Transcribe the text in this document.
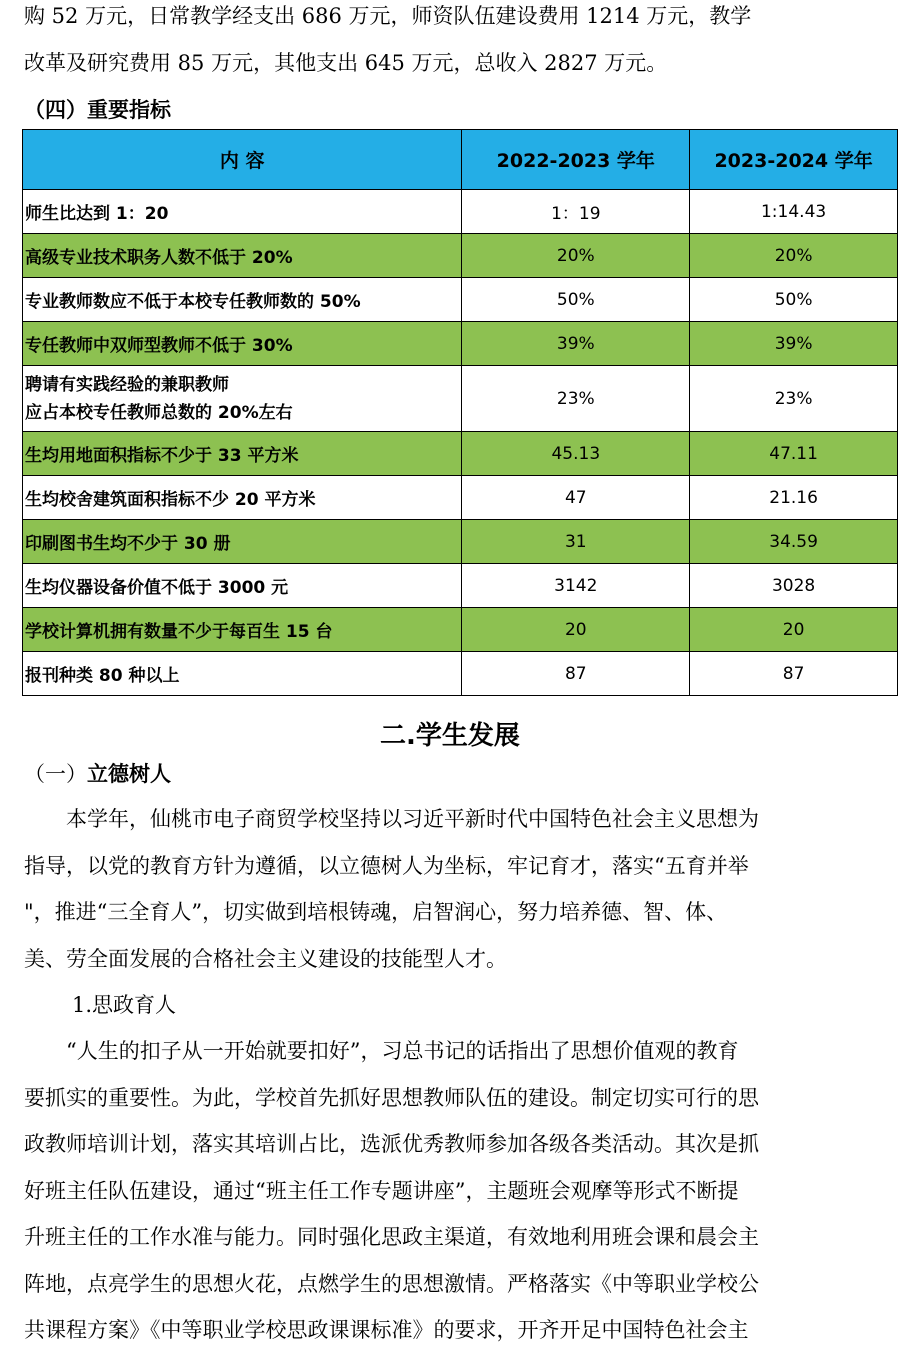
购 52 万元，日常教学经支出 686 万元，师资队伍建设费用 1214 万元，教学
改革及研究费用 85 万元，其他支出 645 万元，总收入 2827 万元。
（四）重要指标
内 容	2022-2023 学年	2023-2024 学年
师生比达到 1：20	1：19	1:14.43
高级专业技术职务人数不低于 20%	20%	20%
专业教师数应不低于本校专任教师数的 50%	50%	50%
专任教师中双师型教师不低于 30%	39%	39%

聘请有实践经验的兼职教师
应占本校专任教师总数的 20%左右	23%	23%
生均用地面积指标不少于 33 平方米	45.13	47.11
生均校舍建筑面积指标不少 20 平方米	47	21.16
印刷图书生均不少于 30 册	31	34.59
生均仪器设备价值不低于 3000 元	3142	3028
学校计算机拥有数量不少于每百生 15 台	20	20
报刊种类 80 种以上	87	87
二.学生发展
（一）立德树人
本学年，仙桃市电子商贸学校坚持以习近平新时代中国特色社会主义思想为
指导，以党的教育方针为遵循，以立德树人为坐标，牢记育才，落实“五育并举
"，推进“三全育人”，切实做到培根铸魂，启智润心，努力培养德、智、体、
美、劳全面发展的合格社会主义建设的技能型人才。

1.思政育人

“人生的扣子从一开始就要扣好”，习总书记的话指出了思想价值观的教育
要抓实的重要性。为此，学校首先抓好思想教师队伍的建设。制定切实可行的思
政教师培训计划，落实其培训占比，选派优秀教师参加各级各类活动。其次是抓
好班主任队伍建设，通过“班主任工作专题讲座”，主题班会观摩等形式不断提
升班主任的工作水准与能力。同时强化思政主渠道，有效地利用班会课和晨会主
阵地，点亮学生的思想火花，点燃学生的思想激情。严格落实《中等职业学校公
共课程方案》《中等职业学校思政课课标准》的要求，开齐开足中国特色社会主
